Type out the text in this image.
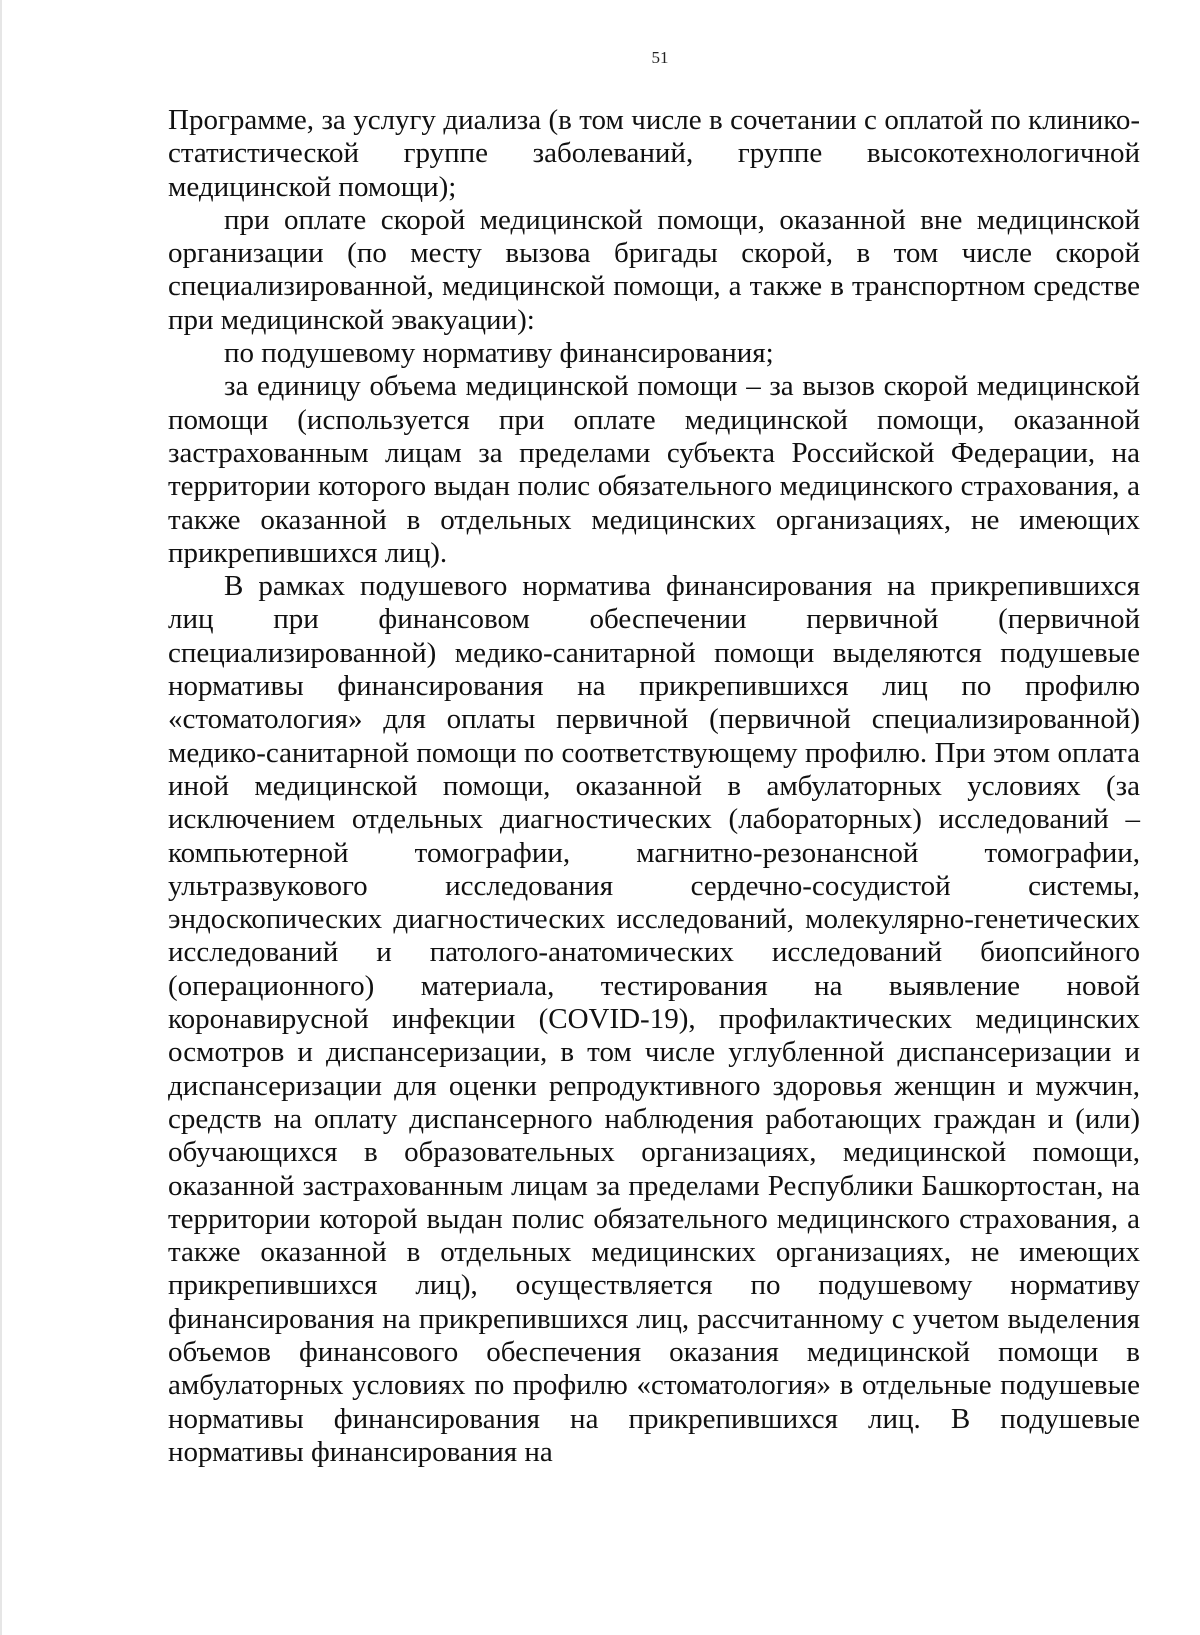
51

Программе, за услугу диализа (в том числе в сочетании с оплатой по клинико-статистической группе заболеваний, группе высокотехнологичной медицинской помощи);

при оплате скорой медицинской помощи, оказанной вне медицинской организации (по месту вызова бригады скорой, в том числе скорой специализированной, медицинской помощи, а также в транспортном средстве при медицинской эвакуации):

по подушевому нормативу финансирования;

за единицу объема медицинской помощи – за вызов скорой медицинской помощи (используется при оплате медицинской помощи, оказанной застрахованным лицам за пределами субъекта Российской Федерации, на территории которого выдан полис обязательного медицинского страхования, а также оказанной в отдельных медицинских организациях, не имеющих прикрепившихся лиц).

В рамках подушевого норматива финансирования на прикрепившихся лиц при финансовом обеспечении первичной (первичной специализированной) медико-санитарной помощи выделяются подушевые нормативы финансирования на прикрепившихся лиц по профилю «стоматология» для оплаты первичной (первичной специализированной) медико-санитарной помощи по соответствующему профилю. При этом оплата иной медицинской помощи, оказанной в амбулаторных условиях (за исключением отдельных диагностических (лабораторных) исследований – компьютерной томографии, магнитно-резонансной томографии, ультразвукового исследования сердечно-сосудистой системы, эндоскопических диагностических исследований, молекулярно-генетических исследований и патолого-анатомических исследований биопсийного (операционного) материала, тестирования на выявление новой коронавирусной инфекции (COVID-19), профилактических медицинских осмотров и диспансеризации, в том числе углубленной диспансеризации и диспансеризации для оценки репродуктивного здоровья женщин и мужчин, средств на оплату диспансерного наблюдения работающих граждан и (или) обучающихся в образовательных организациях, медицинской помощи, оказанной застрахованным лицам за пределами Республики Башкортостан, на территории которой выдан полис обязательного медицинского страхования, а также оказанной в отдельных медицинских организациях, не имеющих прикрепившихся лиц), осуществляется по подушевому нормативу финансирования на прикрепившихся лиц, рассчитанному с учетом выделения объемов финансового обеспечения оказания медицинской помощи в амбулаторных условиях по профилю «стоматология» в отдельные подушевые нормативы финансирования на прикрепившихся лиц. В подушевые нормативы финансирования на
